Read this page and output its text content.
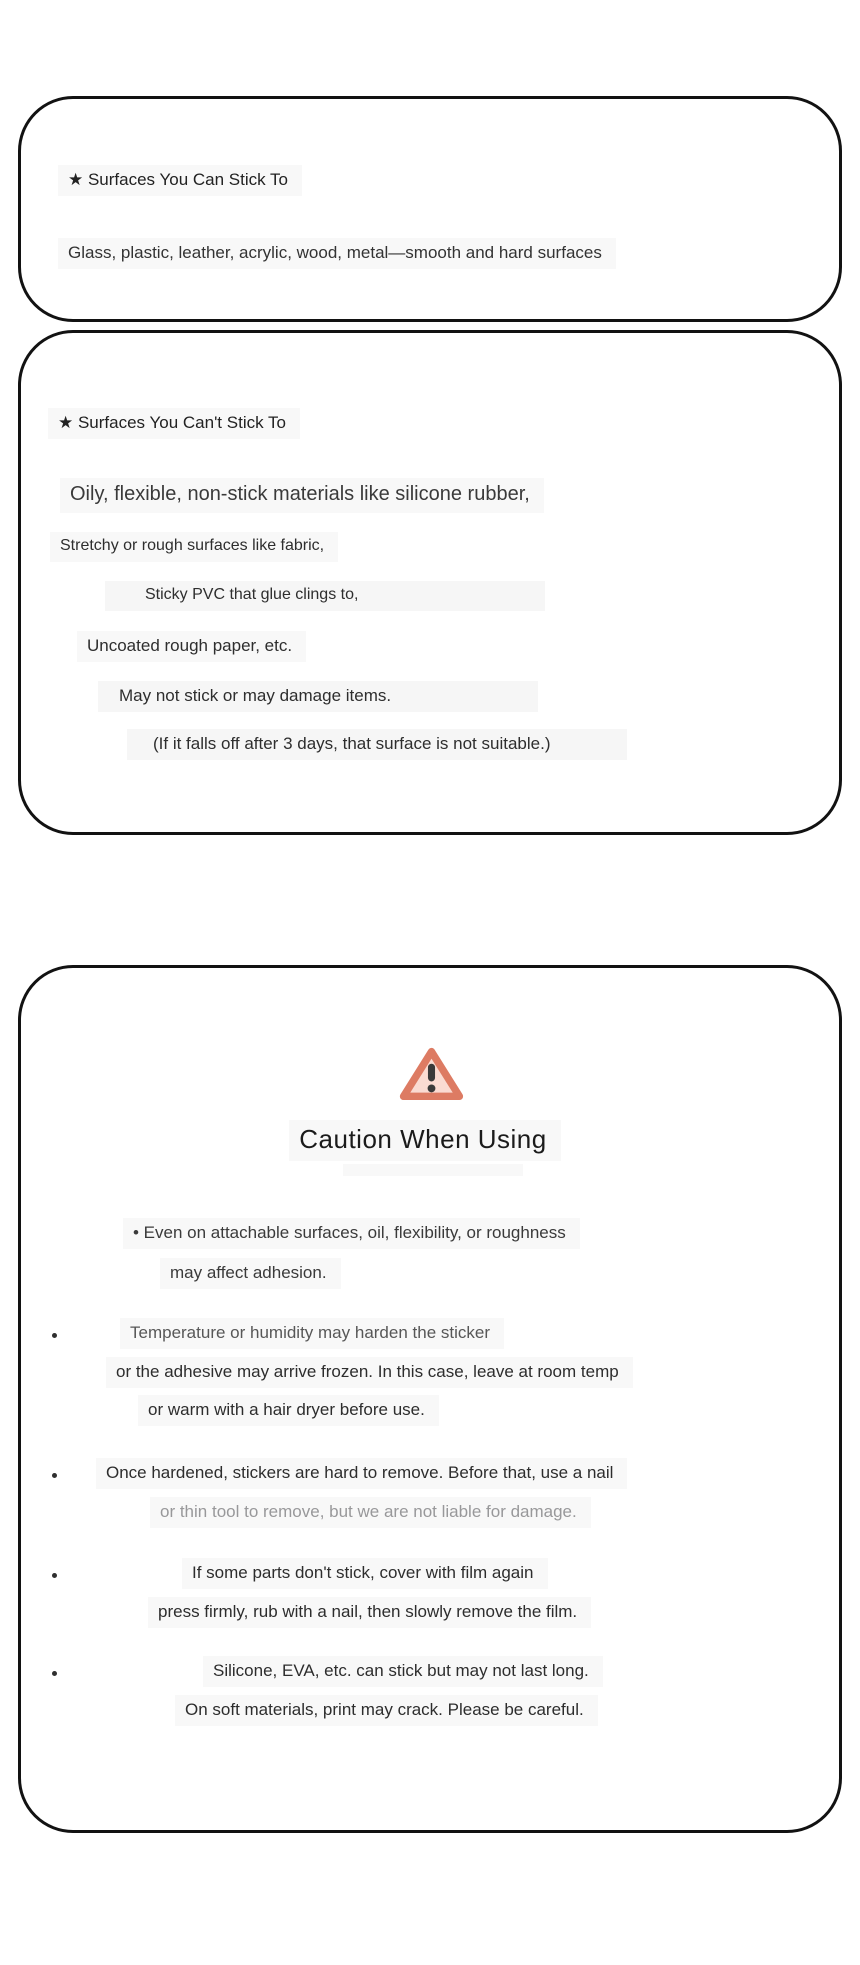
★ Surfaces You Can Stick To
Glass, plastic, leather, acrylic, wood, metal—smooth and hard surfaces
★ Surfaces You Can't Stick To
Oily, flexible, non-stick materials like silicone rubber,
Stretchy or rough surfaces like fabric,
Sticky PVC that glue clings to,
Uncoated rough paper, etc.
May not stick or may damage items.
(If it falls off after 3 days, that surface is not suitable.)
Caution When Using
• Even on attachable surfaces, oil, flexibility, or roughness
may affect adhesion.
Temperature or humidity may harden the sticker
or the adhesive may arrive frozen. In this case, leave at room temp
or warm with a hair dryer before use.
Once hardened, stickers are hard to remove. Before that, use a nail
or thin tool to remove, but we are not liable for damage.
If some parts don't stick, cover with film again
press firmly, rub with a nail, then slowly remove the film.
Silicone, EVA, etc. can stick but may not last long.
On soft materials, print may crack. Please be careful.
